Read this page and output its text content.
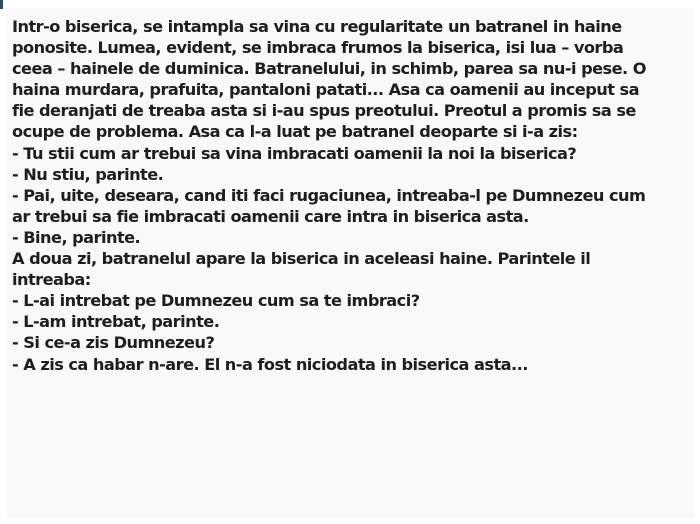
Intr-o biserica, se intampla sa vina cu regularitate un batranel in haine
ponosite. Lumea, evident, se imbraca frumos la biserica, isi lua – vorba
ceea – hainele de duminica. Batranelului, in schimb, parea sa nu-i pese. O
haina murdara, prafuita, pantaloni patati... Asa ca oamenii au inceput sa
fie deranjati de treaba asta si i-au spus preotului. Preotul a promis sa se
ocupe de problema. Asa ca l-a luat pe batranel deoparte si i-a zis:
- Tu stii cum ar trebui sa vina imbracati oamenii la noi la biserica?
- Nu stiu, parinte.
- Pai, uite, deseara, cand iti faci rugaciunea, intreaba-l pe Dumnezeu cum
ar trebui sa fie imbracati oamenii care intra in biserica asta.
- Bine, parinte.
A doua zi, batranelul apare la biserica in aceleasi haine. Parintele il
intreaba:
- L-ai intrebat pe Dumnezeu cum sa te imbraci?
- L-am intrebat, parinte.
- Si ce-a zis Dumnezeu?
- A zis ca habar n-are. El n-a fost niciodata in biserica asta...
